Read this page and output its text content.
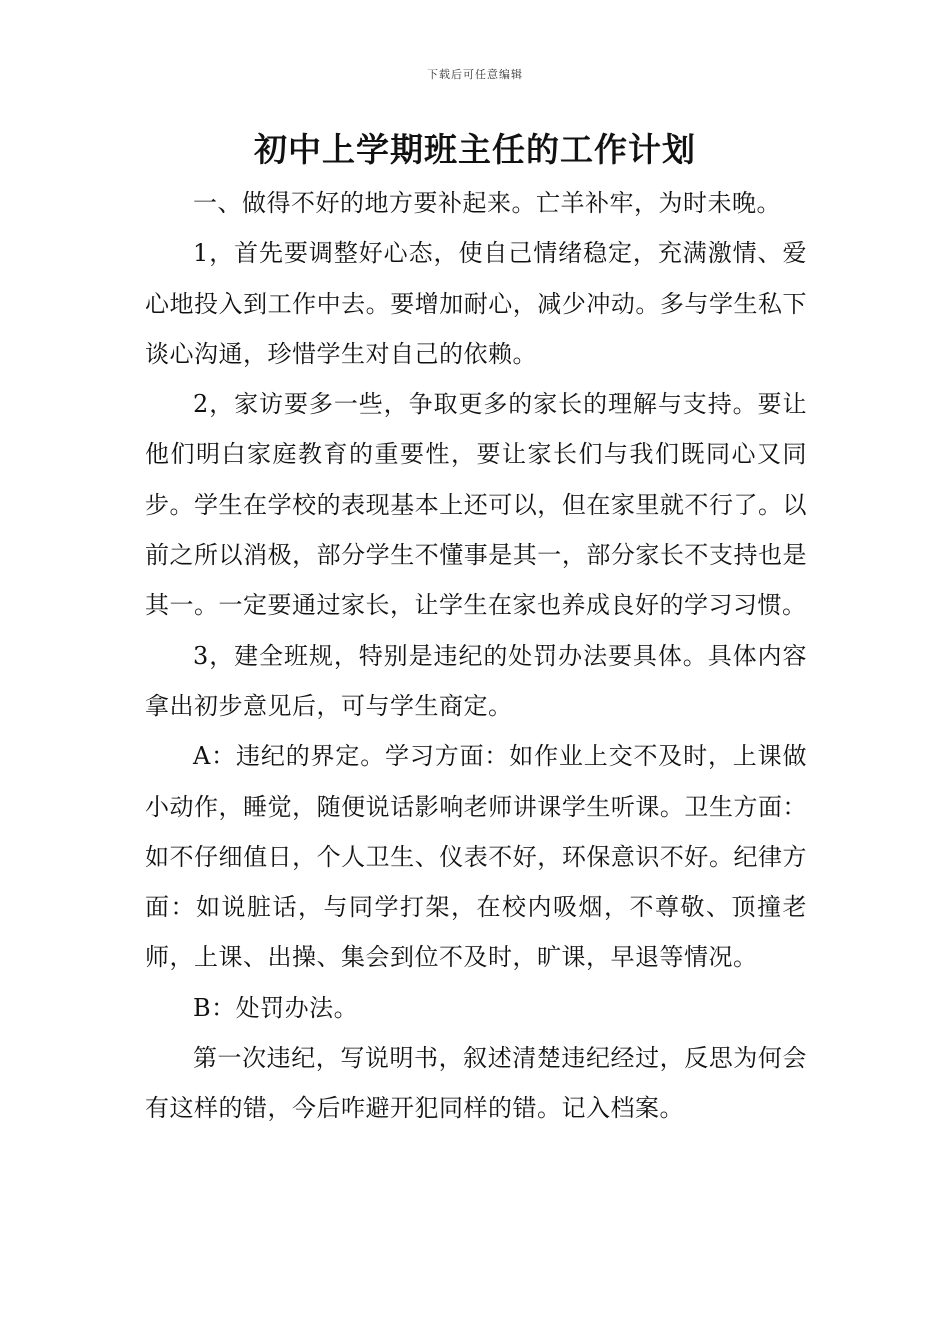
下载后可任意编辑
初中上学期班主任的工作计划

一、做得不好的地方要补起来。亡羊补牢，为时未晚。

1，首先要调整好心态，使自己情绪稳定，充满激情、爱心地投入到工作中去。要增加耐心，减少冲动。多与学生私下谈心沟通，珍惜学生对自己的依赖。

2，家访要多一些，争取更多的家长的理解与支持。要让他们明白家庭教育的重要性，要让家长们与我们既同心又同步。学生在学校的表现基本上还可以，但在家里就不行了。以前之所以消极，部分学生不懂事是其一，部分家长不支持也是其一。一定要通过家长，让学生在家也养成良好的学习习惯。

3，建全班规，特别是违纪的处罚办法要具体。具体内容拿出初步意见后，可与学生商定。

A：违纪的界定。学习方面：如作业上交不及时，上课做小动作，睡觉，随便说话影响老师讲课学生听课。卫生方面：如不仔细值日，个人卫生、仪表不好，环保意识不好。纪律方面：如说脏话，与同学打架，在校内吸烟，不尊敬、顶撞老师，上课、出操、集会到位不及时，旷课，早退等情况。

B：处罚办法。

第一次违纪，写说明书，叙述清楚违纪经过，反思为何会有这样的错，今后咋避开犯同样的错。记入档案。
